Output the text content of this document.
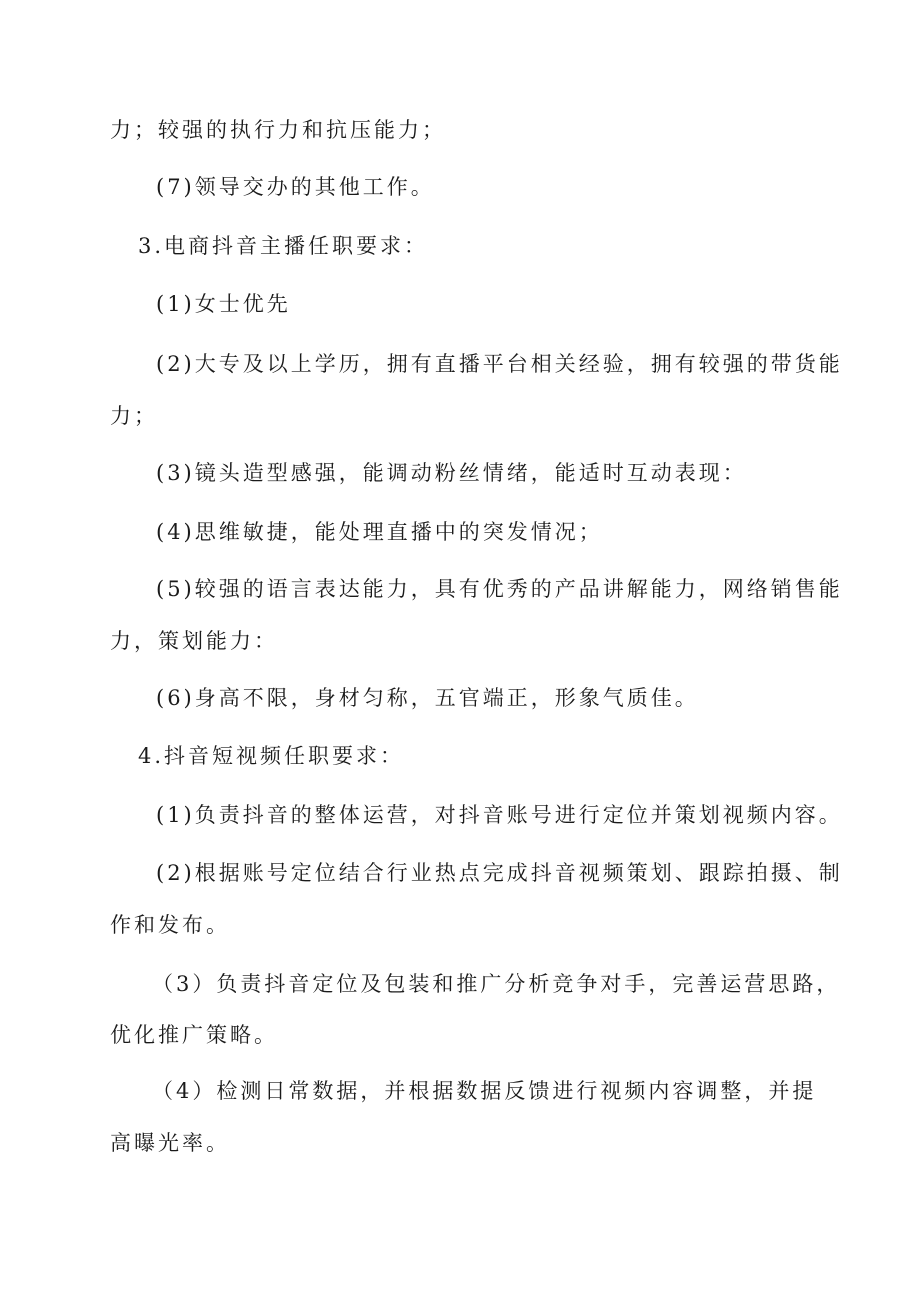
力；较强的执行力和抗压能力；

(7)领导交办的其他工作。

3.电商抖音主播任职要求：

(1)女士优先

(2)大专及以上学历，拥有直播平台相关经验，拥有较强的带货能

力；

(3)镜头造型感强，能调动粉丝情绪，能适时互动表现：

(4)思维敏捷，能处理直播中的突发情况；

(5)较强的语言表达能力，具有优秀的产品讲解能力，网络销售能

力，策划能力：

(6)身高不限，身材匀称，五官端正，形象气质佳。

4.抖音短视频任职要求：

(1)负责抖音的整体运营，对抖音账号进行定位并策划视频内容。

(2)根据账号定位结合行业热点完成抖音视频策划、跟踪拍摄、制

作和发布。

（3）负责抖音定位及包装和推广分析竞争对手，完善运营思路，

优化推广策略。

（4）检测日常数据，并根据数据反馈进行视频内容调整，并提

高曝光率。
